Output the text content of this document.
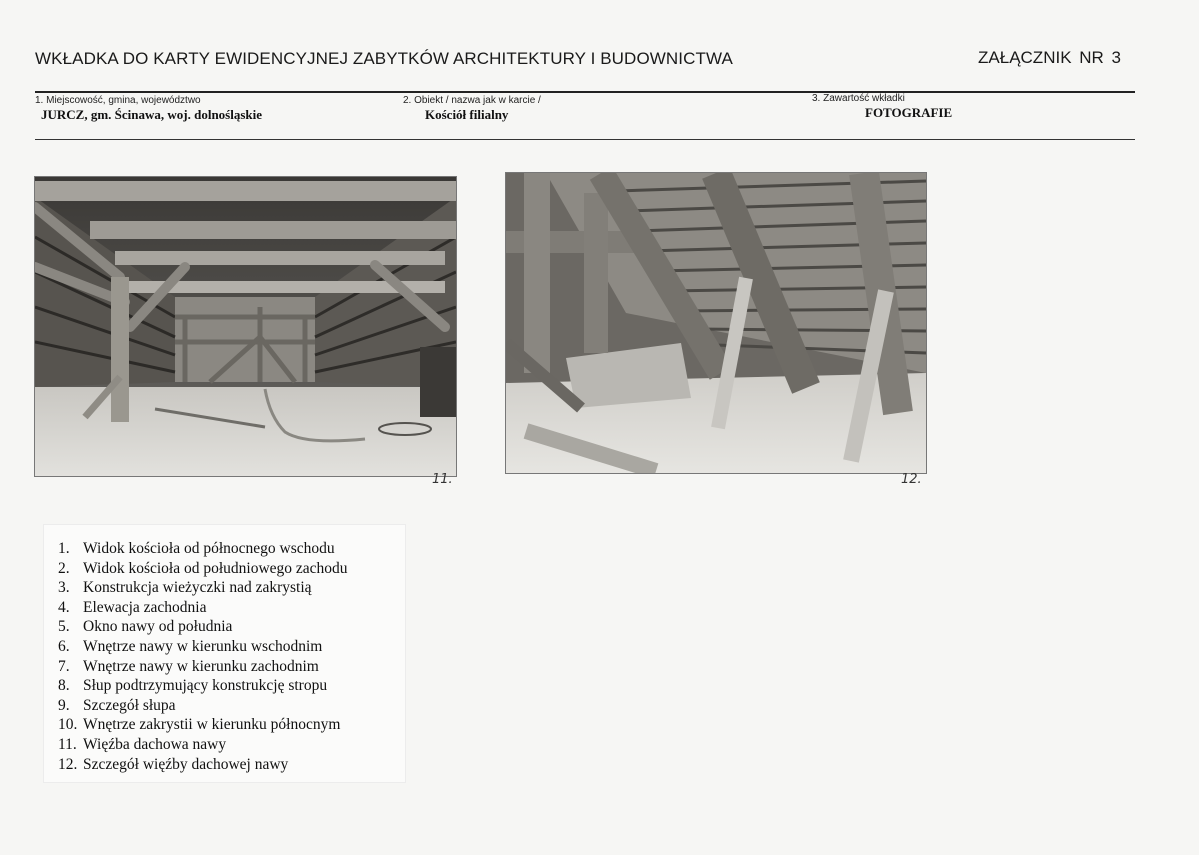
WKŁADKA DO KARTY EWIDENCYJNEJ ZABYTKÓW ARCHITEKTURY I BUDOWNICTWA	ZAŁĄCZNIK NR 3
1. Miejscowość, gmina, województwo
JURCZ, gm. Ścinawa, woj. dolnośląskie
2. Obiekt / nazwa jak w karcie /
Kościół filialny
3. Zawartość wkładki
FOTOGRAFIE
11.	12.
1. Widok kościoła od północnego wschodu
2. Widok kościoła od południowego zachodu
3. Konstrukcja wieżyczki nad zakrystią
4. Elewacja zachodnia
5. Okno nawy od południa
6. Wnętrze nawy w kierunku wschodnim
7. Wnętrze nawy w kierunku zachodnim
8. Słup podtrzymujący konstrukcję stropu
9. Szczegół słupa
10. Wnętrze zakrystii w kierunku północnym
11. Więźba dachowa nawy
12. Szczegół więźby dachowej nawy
